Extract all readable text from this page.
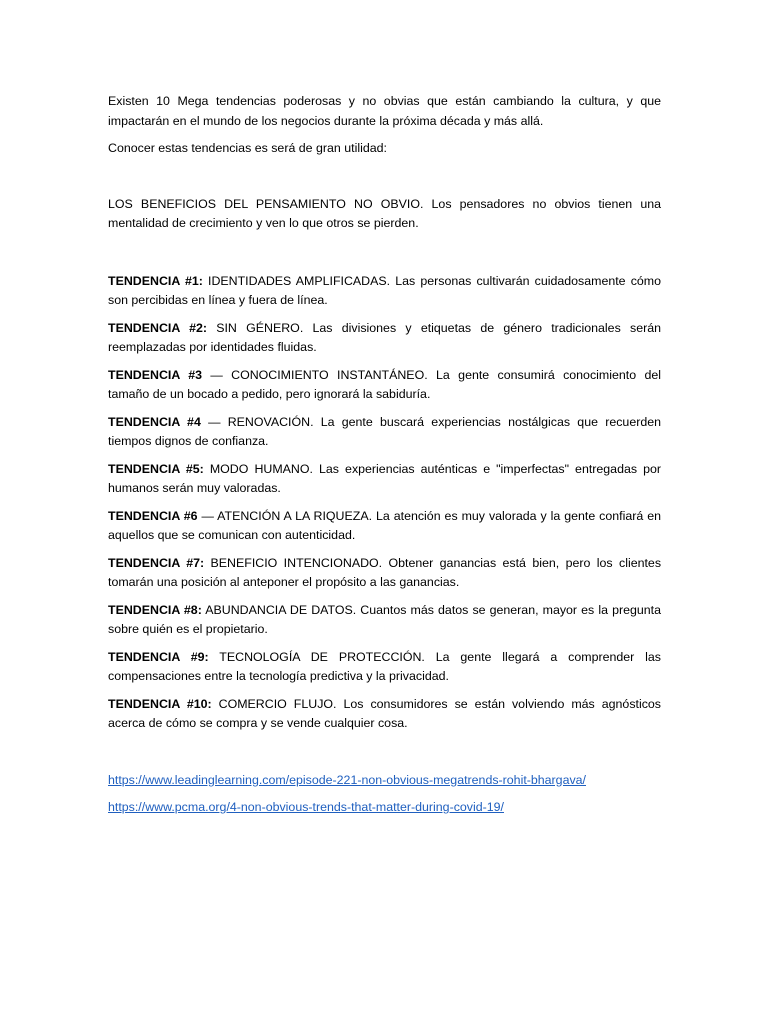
Existen 10 Mega tendencias poderosas y no obvias que están cambiando la cultura, y que impactarán en el mundo de los negocios durante la próxima década y más allá.

Conocer estas tendencias es será de gran utilidad:

LOS BENEFICIOS DEL PENSAMIENTO NO OBVIO. Los pensadores no obvios tienen una mentalidad de crecimiento y ven lo que otros se pierden.

TENDENCIA #1: IDENTIDADES AMPLIFICADAS. Las personas cultivarán cuidadosamente cómo son percibidas en línea y fuera de línea.

TENDENCIA #2: SIN GÉNERO. Las divisiones y etiquetas de género tradicionales serán reemplazadas por identidades fluidas.

TENDENCIA #3 — CONOCIMIENTO INSTANTÁNEO. La gente consumirá conocimiento del tamaño de un bocado a pedido, pero ignorará la sabiduría.

TENDENCIA #4 — RENOVACIÓN. La gente buscará experiencias nostálgicas que recuerden tiempos dignos de confianza.

TENDENCIA #5: MODO HUMANO. Las experiencias auténticas e "imperfectas" entregadas por humanos serán muy valoradas.

TENDENCIA #6 — ATENCIÓN A LA RIQUEZA. La atención es muy valorada y la gente confiará en aquellos que se comunican con autenticidad.

TENDENCIA #7: BENEFICIO INTENCIONADO. Obtener ganancias está bien, pero los clientes tomarán una posición al anteponer el propósito a las ganancias.

TENDENCIA #8: ABUNDANCIA DE DATOS. Cuantos más datos se generan, mayor es la pregunta sobre quién es el propietario.

TENDENCIA #9: TECNOLOGÍA DE PROTECCIÓN. La gente llegará a comprender las compensaciones entre la tecnología predictiva y la privacidad.

TENDENCIA #10: COMERCIO FLUJO. Los consumidores se están volviendo más agnósticos acerca de cómo se compra y se vende cualquier cosa.

https://www.leadinglearning.com/episode-221-non-obvious-megatrends-rohit-bhargava/
https://www.pcma.org/4-non-obvious-trends-that-matter-during-covid-19/
